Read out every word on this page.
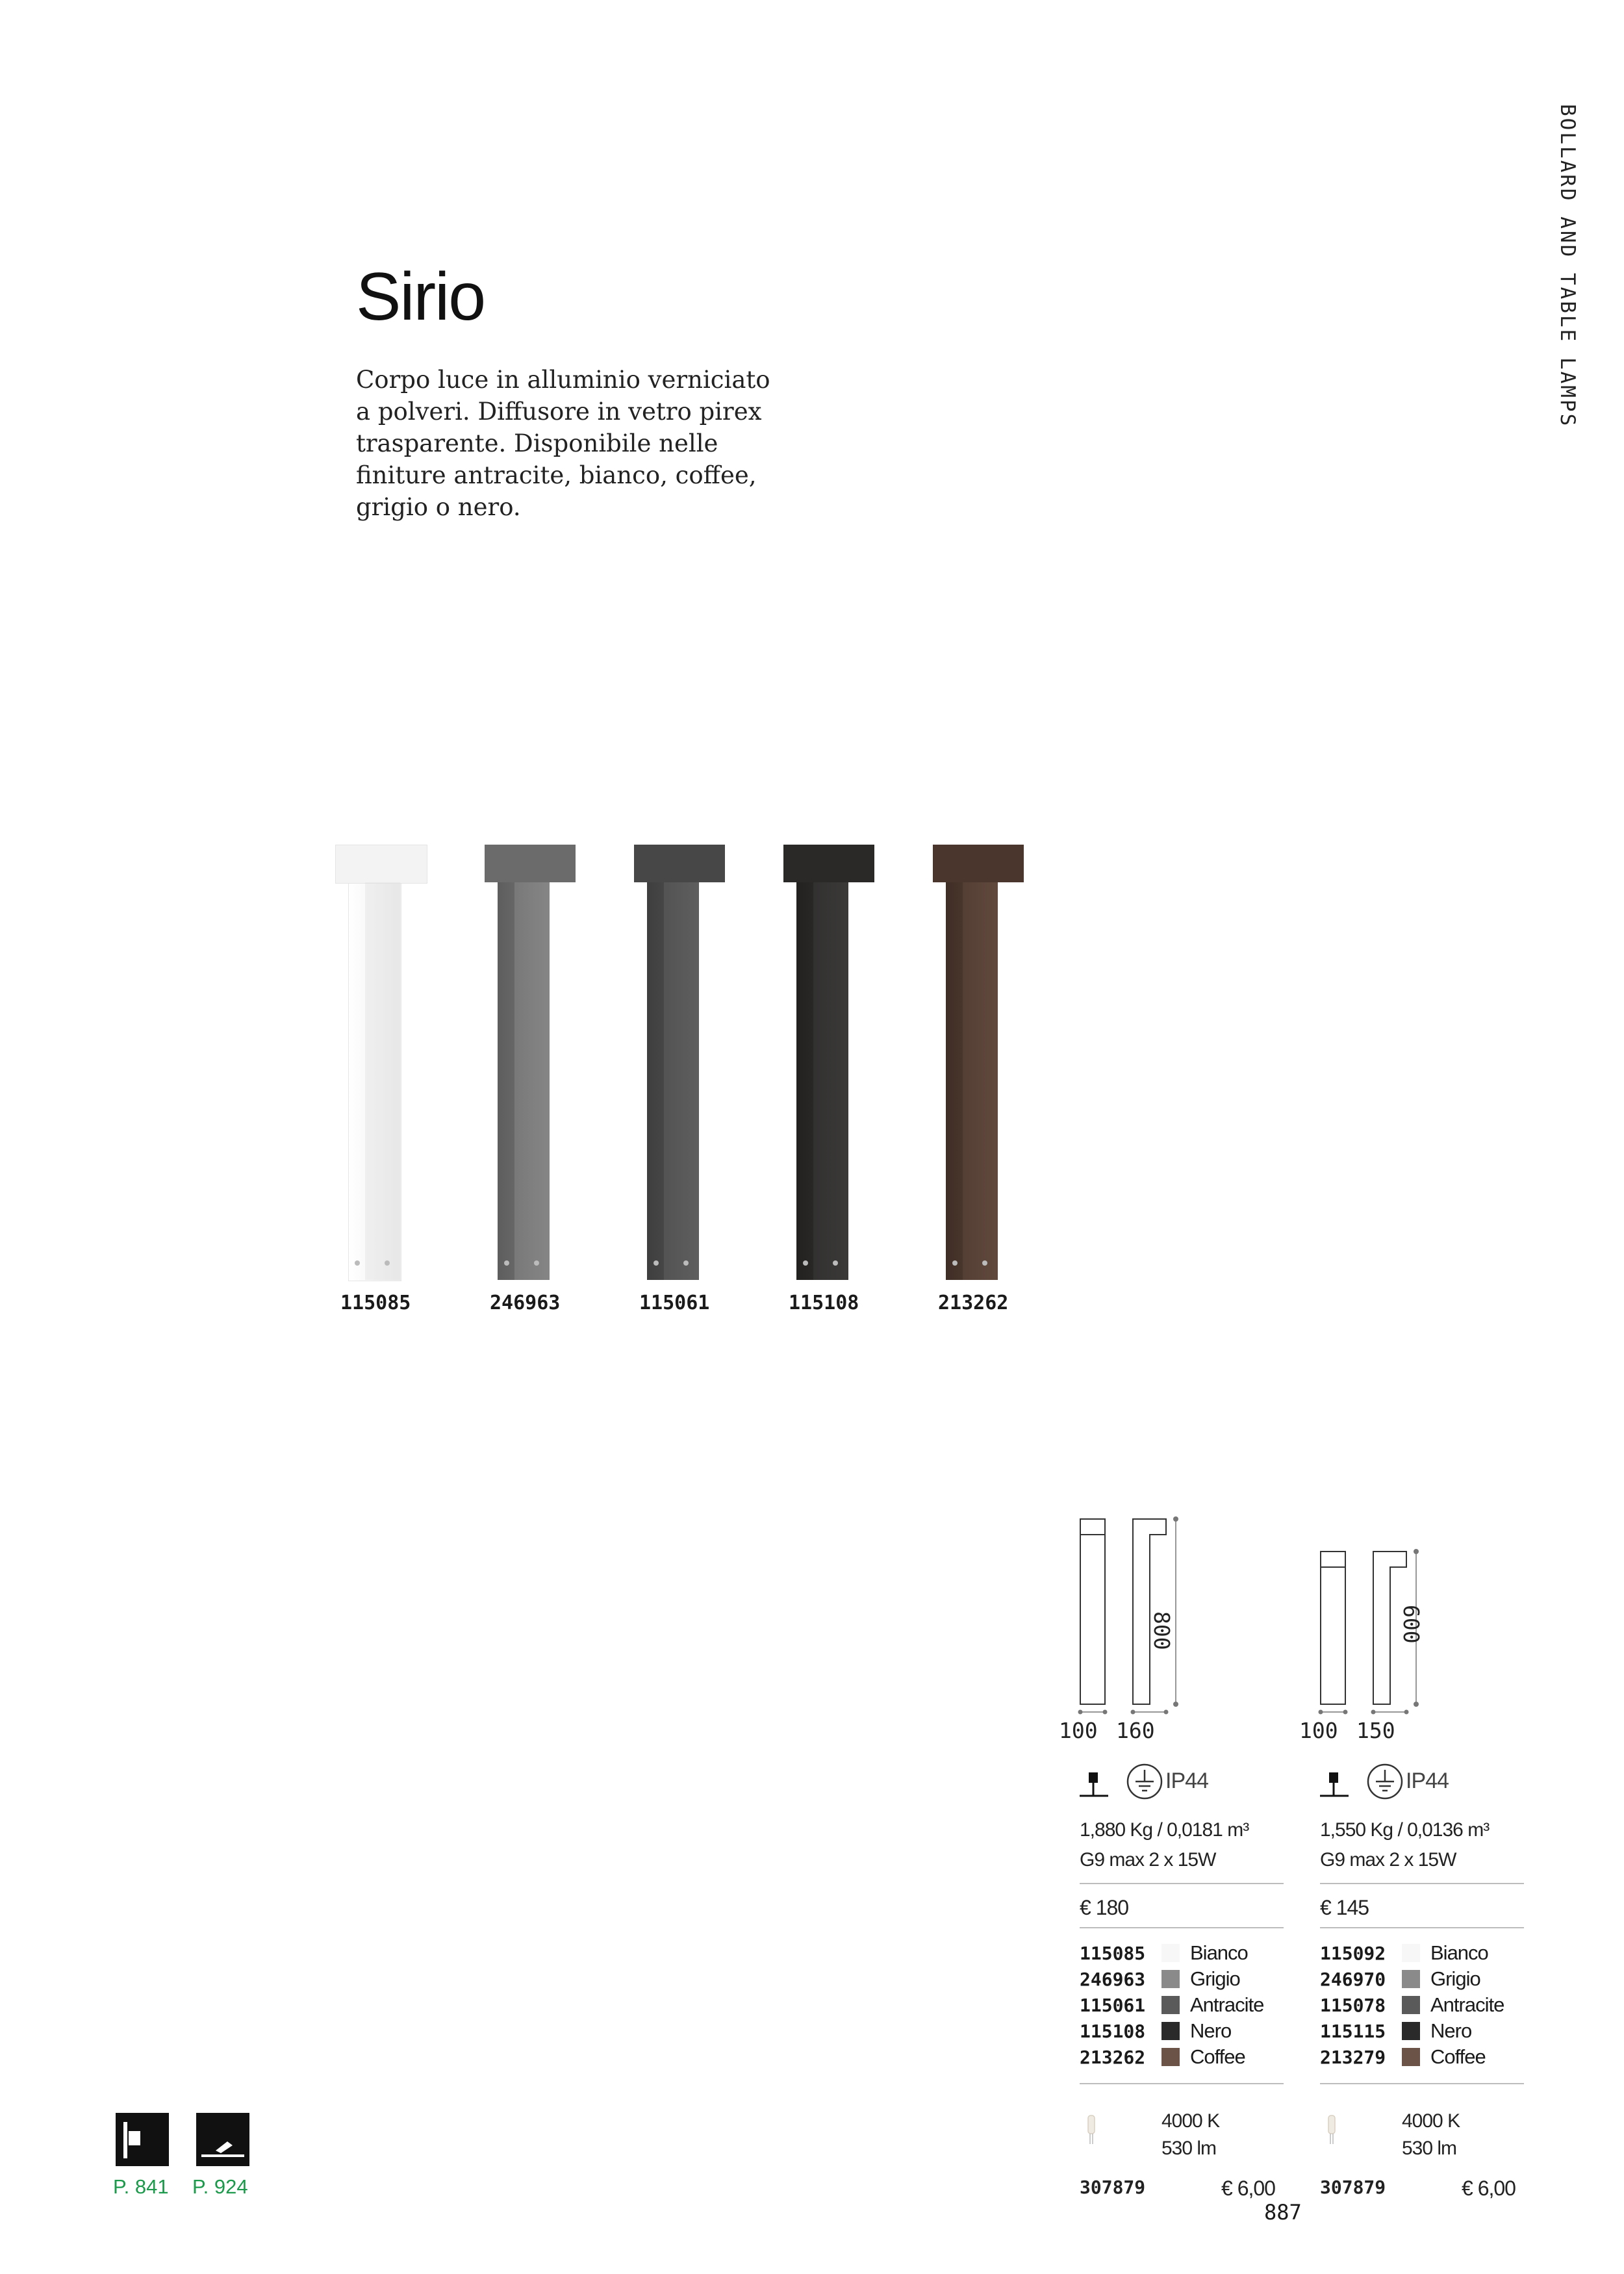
BOLLARD AND TABLE LAMPS
Sirio
Corpo luce in alluminio verniciato
a polveri. Diffusore in vetro pirex
trasparente. Disponibile nelle
finiture antracite, bianco, coffee,
grigio o nero.
115085	246963	115061	115108	213262
800
100 160
600
100 150
IP44
1,880 Kg / 0,0181 m³
G9 max 2 x 15W
€ 180
115085	Bianco
246963	Grigio
115061	Antracite
115108	Nero
213262	Coffee
4000 K
530 lm
307879	€ 6,00
IP44
1,550 Kg / 0,0136 m³
G9 max 2 x 15W
€ 145
115092	Bianco
246970	Grigio
115078	Antracite
115115	Nero
213279	Coffee
4000 K
530 lm
307879	€ 6,00
P. 841 P. 924
887
